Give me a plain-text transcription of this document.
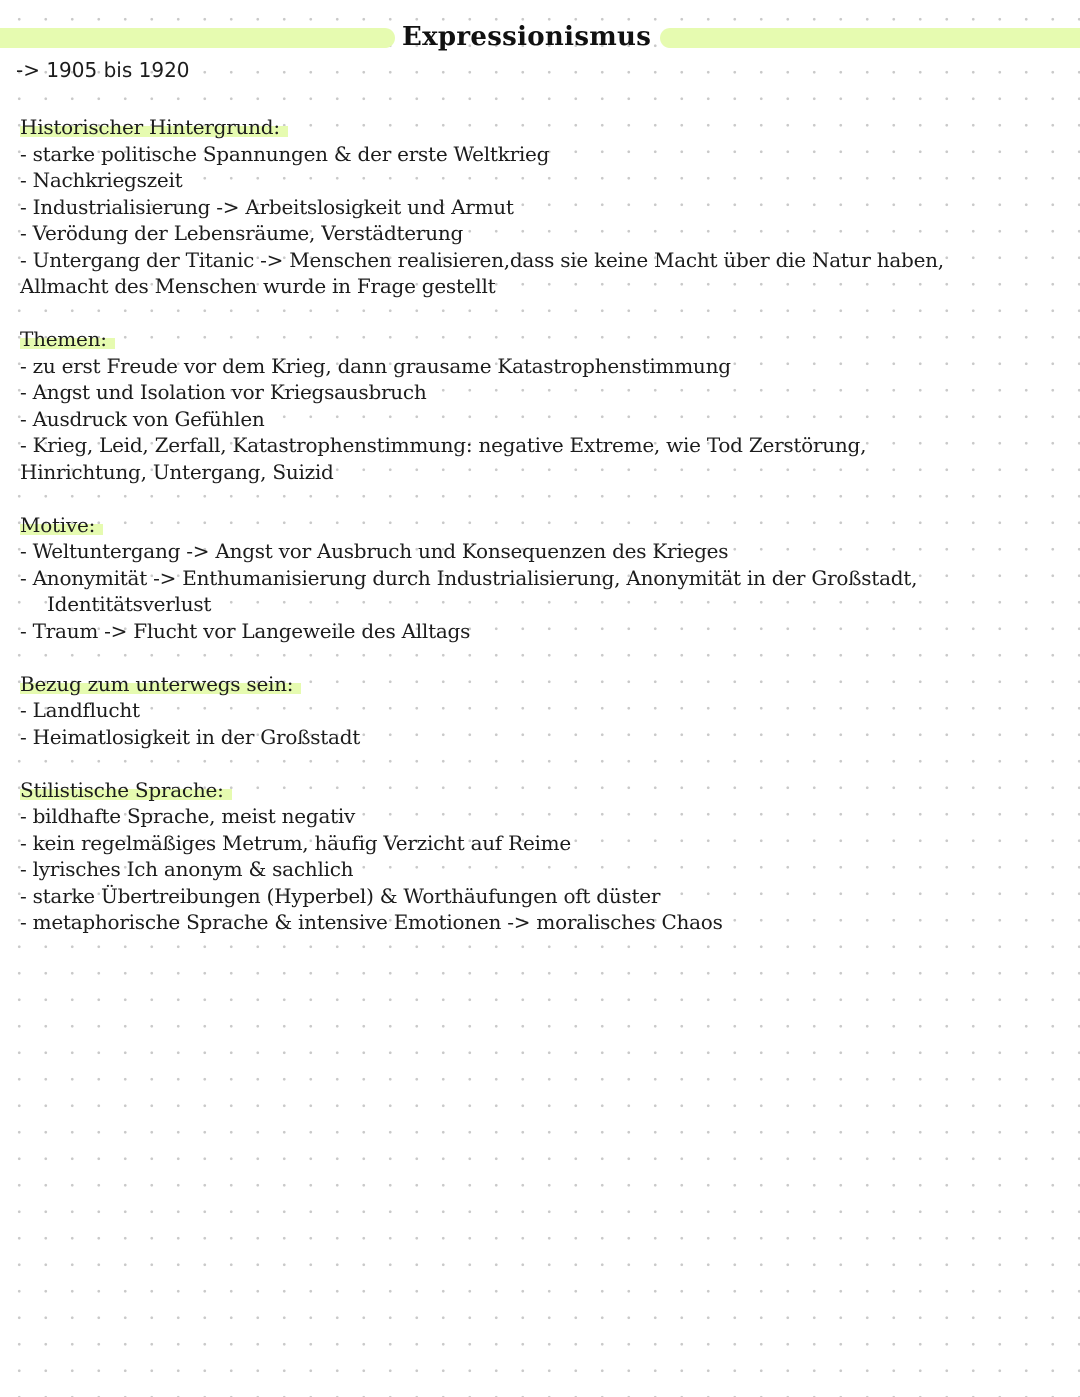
Expressionismus

-> 1905 bis 1920

Historischer Hintergrund:
- starke politische Spannungen & der erste Weltkrieg
- Nachkriegszeit
- Industrialisierung -> Arbeitslosigkeit und Armut
- Verödung der Lebensräume, Verstädterung
- Untergang der Titanic -> Menschen realisieren,dass sie keine Macht über die Natur haben,
Allmacht des Menschen wurde in Frage gestellt
Themen:
- zu erst Freude vor dem Krieg, dann grausame Katastrophenstimmung
- Angst und Isolation vor Kriegsausbruch
- Ausdruck von Gefühlen
- Krieg, Leid, Zerfall, Katastrophenstimmung: negative Extreme, wie Tod Zerstörung,
Hinrichtung, Untergang, Suizid
Motive:
- Weltuntergang -> Angst vor Ausbruch und Konsequenzen des Krieges
- Anonymität -> Enthumanisierung durch Industrialisierung, Anonymität in der Großstadt,
Identitätsverlust
- Traum -> Flucht vor Langeweile des Alltags
Bezug zum unterwegs sein:
- Landflucht
- Heimatlosigkeit in der Großstadt
Stilistische Sprache:
- bildhafte Sprache, meist negativ
- kein regelmäßiges Metrum, häufig Verzicht auf Reime
- lyrisches Ich anonym & sachlich
- starke Übertreibungen (Hyperbel) & Worthäufungen oft düster
- metaphorische Sprache & intensive Emotionen -> moralisches Chaos
